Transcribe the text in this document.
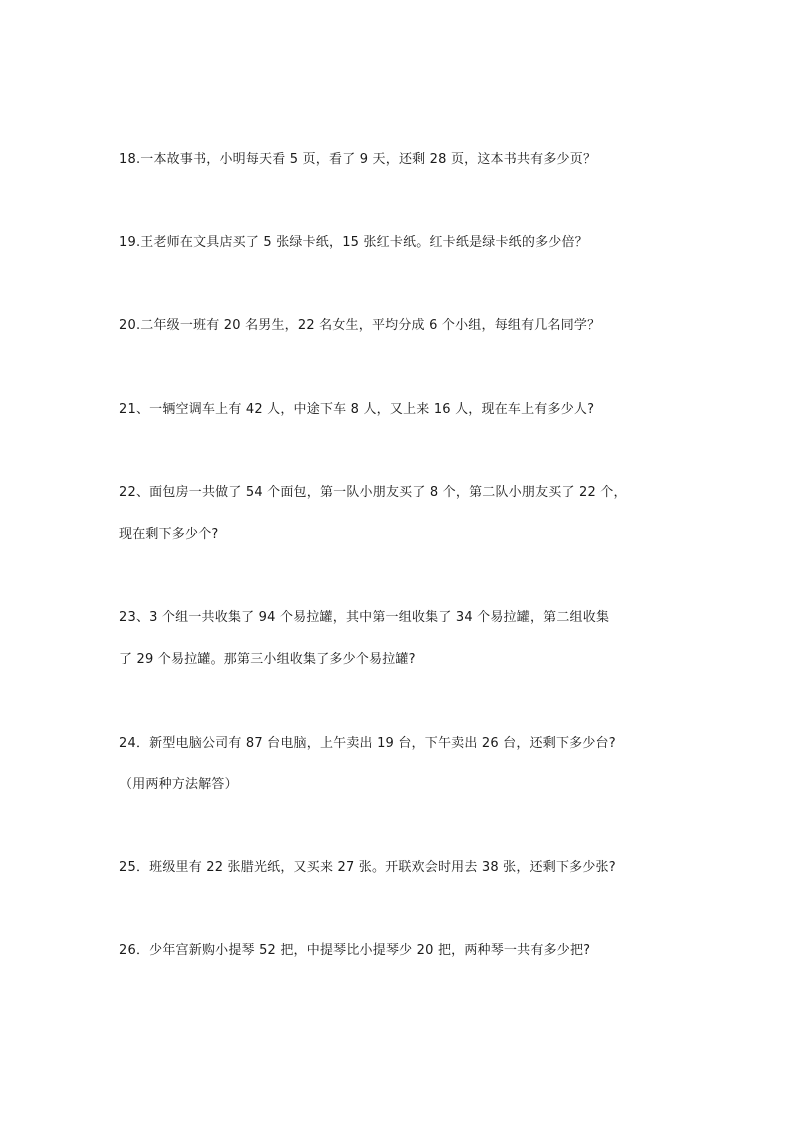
18.一本故事书，小明每天看 5 页，看了 9 天，还剩 28 页，这本书共有多少页？

19.王老师在文具店买了 5 张绿卡纸，15 张红卡纸。红卡纸是绿卡纸的多少倍？

20.二年级一班有 20 名男生，22 名女生，平均分成 6 个小组，每组有几名同学？

21、一辆空调车上有 42 人，中途下车 8 人，又上来 16 人，现在车上有多少人?

22、面包房一共做了 54 个面包，第一队小朋友买了 8 个，第二队小朋友买了 22 个，

现在剩下多少个?

23、3 个组一共收集了 94 个易拉罐，其中第一组收集了 34 个易拉罐，第二组收集

了 29 个易拉罐。那第三小组收集了多少个易拉罐?

24．新型电脑公司有 87 台电脑，上午卖出 19 台，下午卖出 26 台，还剩下多少台?

（用两种方法解答）

25．班级里有 22 张腊光纸，又买来 27 张。开联欢会时用去 38 张，还剩下多少张?

26．少年宫新购小提琴 52 把，中提琴比小提琴少 20 把，两种琴一共有多少把?
